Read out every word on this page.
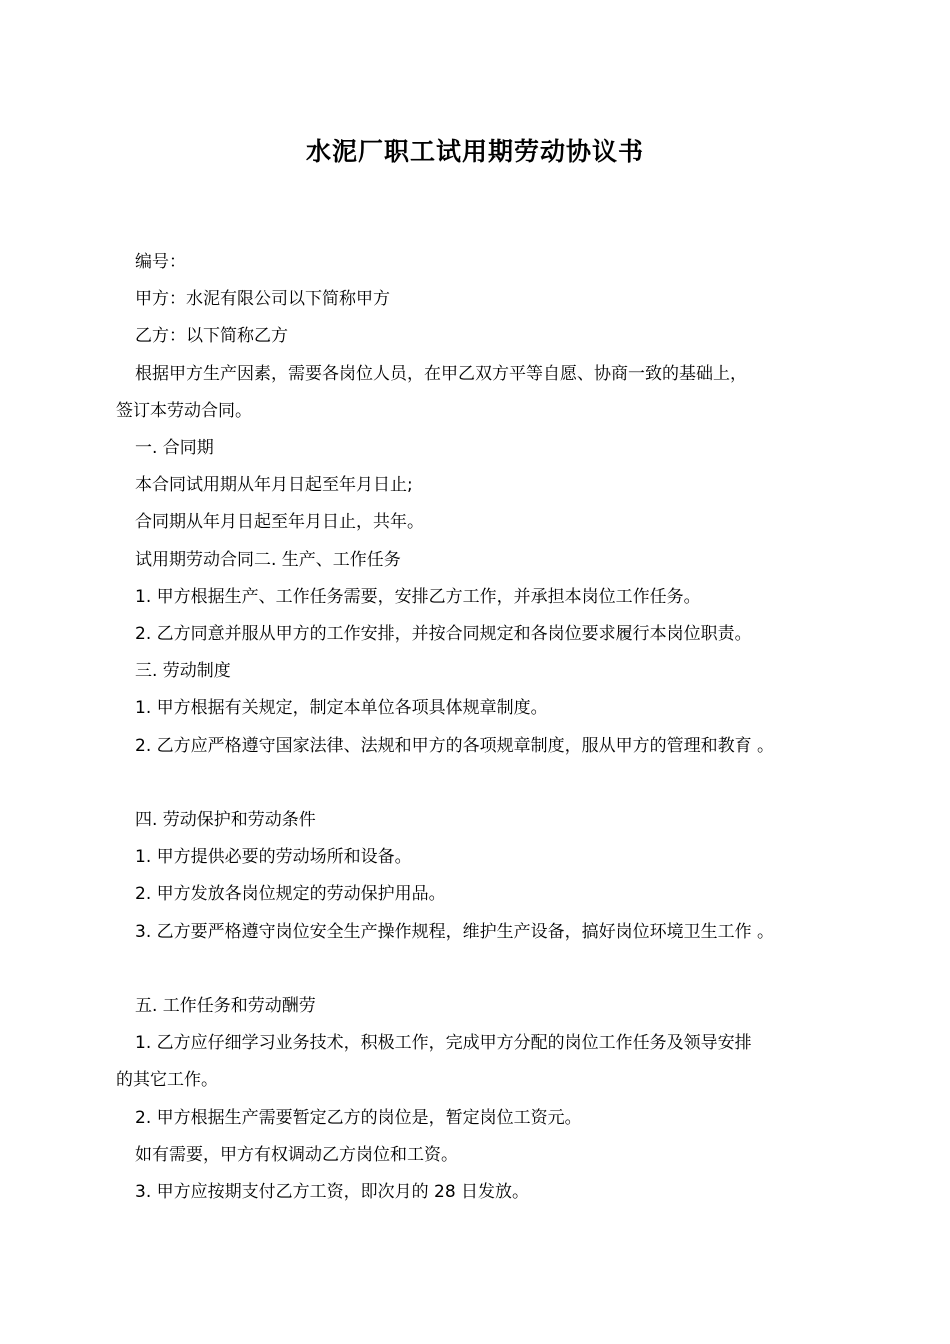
水泥厂职工试用期劳动协议书
编号：
甲方：水泥有限公司以下简称甲方
乙方：以下简称乙方
根据甲方生产因素，需要各岗位人员，在甲乙双方平等自愿、协商一致的基础上，
签订本劳动合同。
一. 合同期
本合同试用期从年月日起至年月日止;
合同期从年月日起至年月日止，共年。
试用期劳动合同二. 生产、工作任务
1. 甲方根据生产、工作任务需要，安排乙方工作，并承担本岗位工作任务。
2. 乙方同意并服从甲方的工作安排，并按合同规定和各岗位要求履行本岗位职责。
三. 劳动制度
1. 甲方根据有关规定，制定本单位各项具体规章制度。
2. 乙方应严格遵守国家法律、法规和甲方的各项规章制度，服从甲方的管理和教育 。
四. 劳动保护和劳动条件
1. 甲方提供必要的劳动场所和设备。
2. 甲方发放各岗位规定的劳动保护用品。
3. 乙方要严格遵守岗位安全生产操作规程，维护生产设备，搞好岗位环境卫生工作 。
五. 工作任务和劳动酬劳
1. 乙方应仔细学习业务技术，积极工作，完成甲方分配的岗位工作任务及领导安排
的其它工作。
2. 甲方根据生产需要暂定乙方的岗位是，暂定岗位工资元。
如有需要，甲方有权调动乙方岗位和工资。
3. 甲方应按期支付乙方工资，即次月的 28 日发放。
